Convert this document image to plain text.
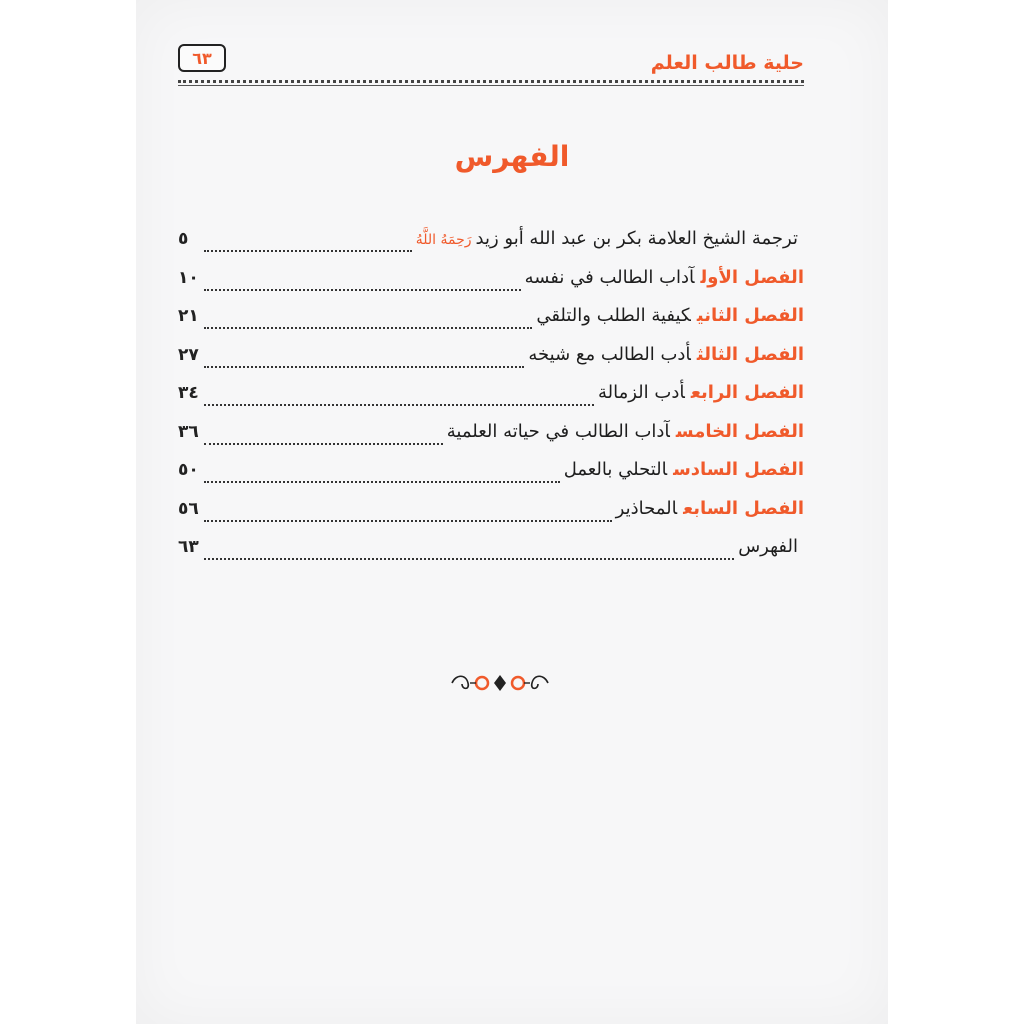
حلية طالب العلم
٦٣
الفهرس
ترجمة الشيخ العلامة بكر بن عبد الله أبو زيدرَحِمَهُ اللَّهُ
٥
الفصل الأولآداب الطالب في نفسه
١٠
الفصل الثانيكيفية الطلب والتلقي
٢١
الفصل الثالثأدب الطالب مع شيخه
٢٧
الفصل الرابعأدب الزمالة
٣٤
الفصل الخامسآداب الطالب في حياته العلمية
٣٦
الفصل السادسالتحلي بالعمل
٥٠
الفصل السابعالمحاذير
٥٦
الفهرس
٦٣
